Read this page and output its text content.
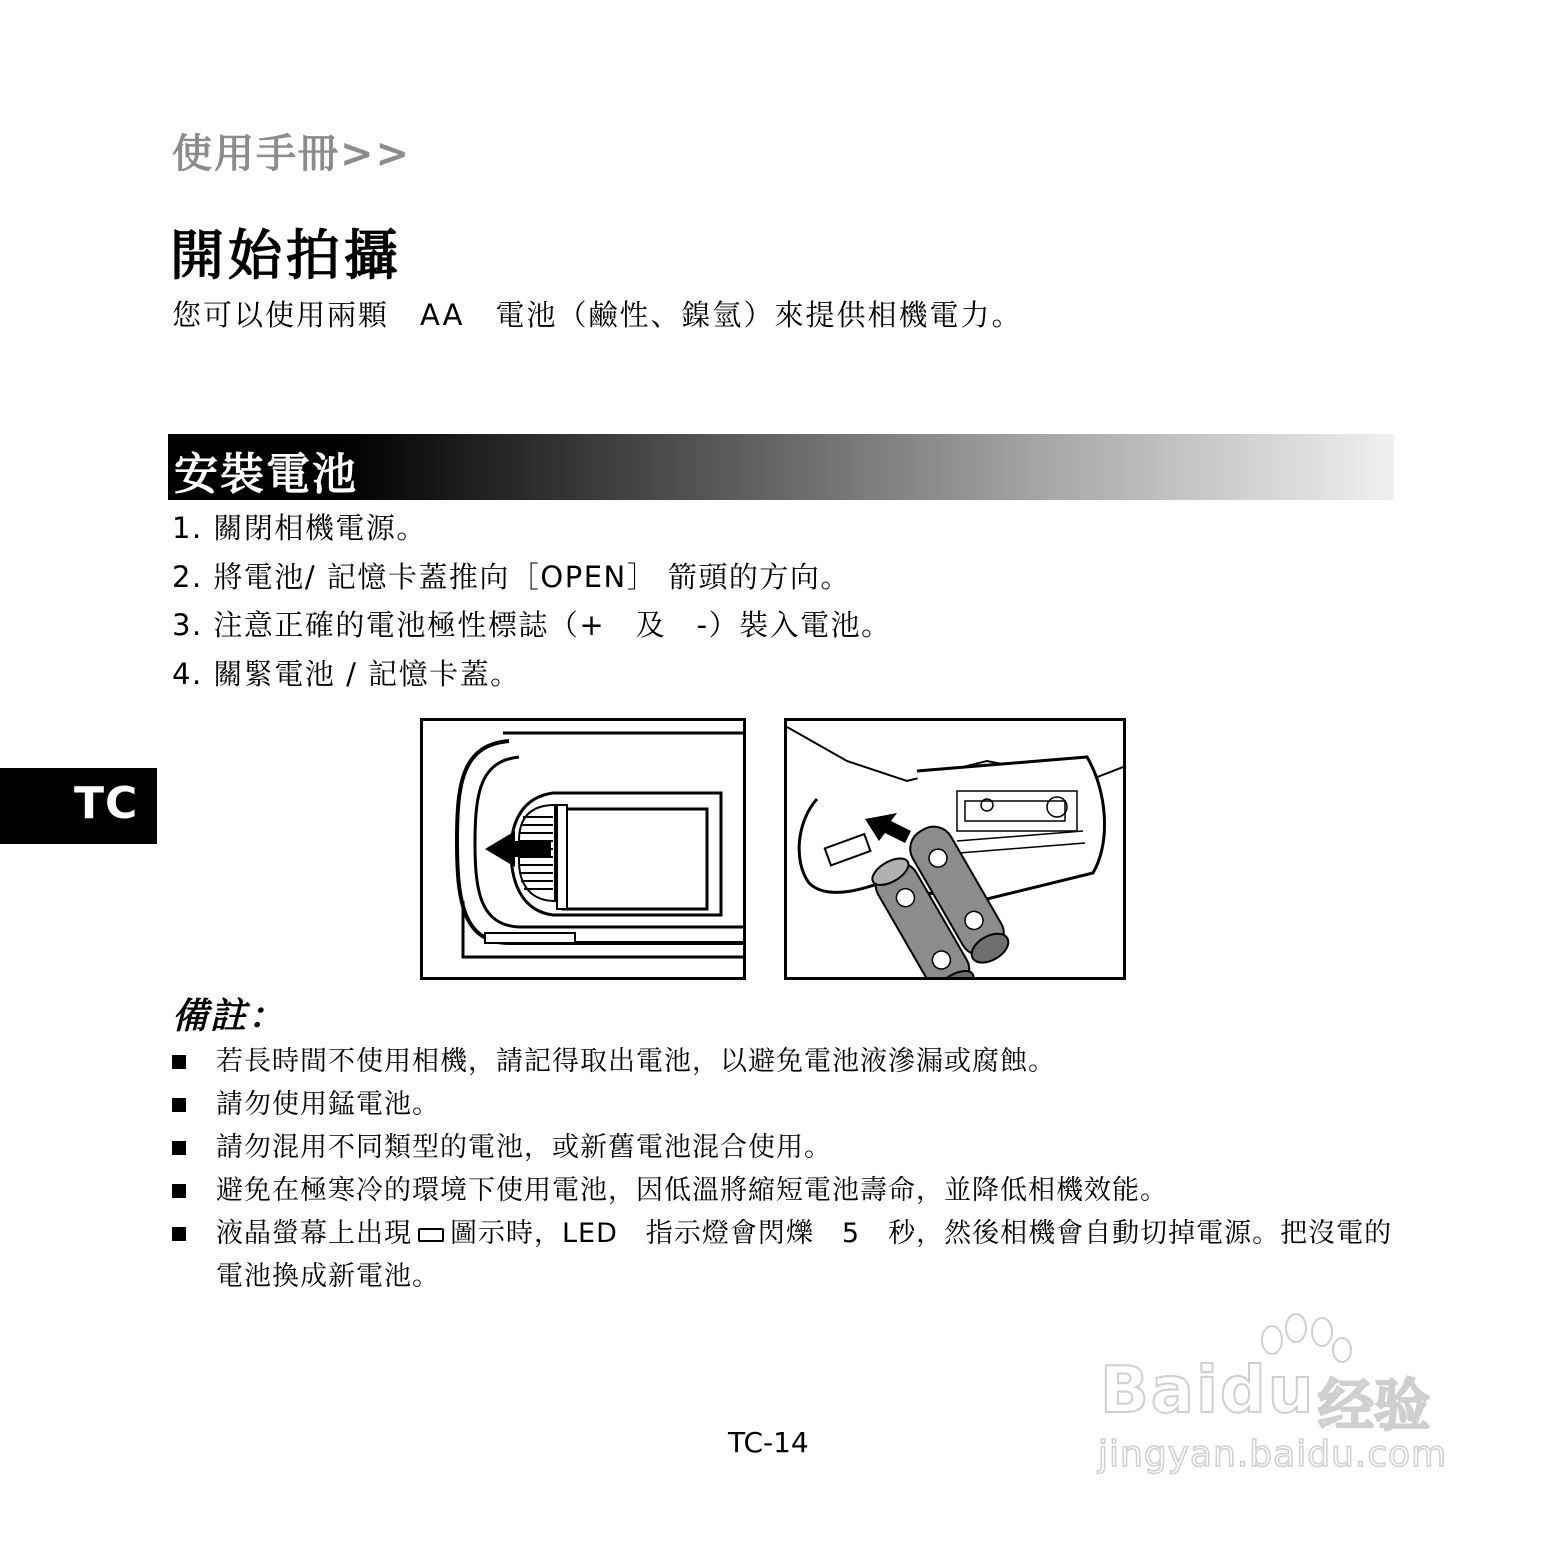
使用手冊>>
開始拍攝
您可以使用兩顆　AA　電池（鹼性、鎳氫）來提供相機電力。
安裝電池
1. 關閉相機電源。
2. 將電池/ 記憶卡蓋推向［OPEN］ 箭頭的方向。
3. 注意正確的電池極性標誌（+　及　-）裝入電池。
4. 關緊電池 / 記憶卡蓋。
TC
備註：
若長時間不使用相機，請記得取出電池，以避免電池液滲漏或腐蝕。
請勿使用錳電池。
請勿混用不同類型的電池，或新舊電池混合使用。
避免在極寒冷的環境下使用電池，因低溫將縮短電池壽命，並降低相機效能。
液晶螢幕上出現 圖示時，LED　指示燈會閃爍　5　秒，然後相機會自動切掉電源。把沒電的電池換成新電池。
TC-14
Baidu 经验
jingyan.baidu.com
